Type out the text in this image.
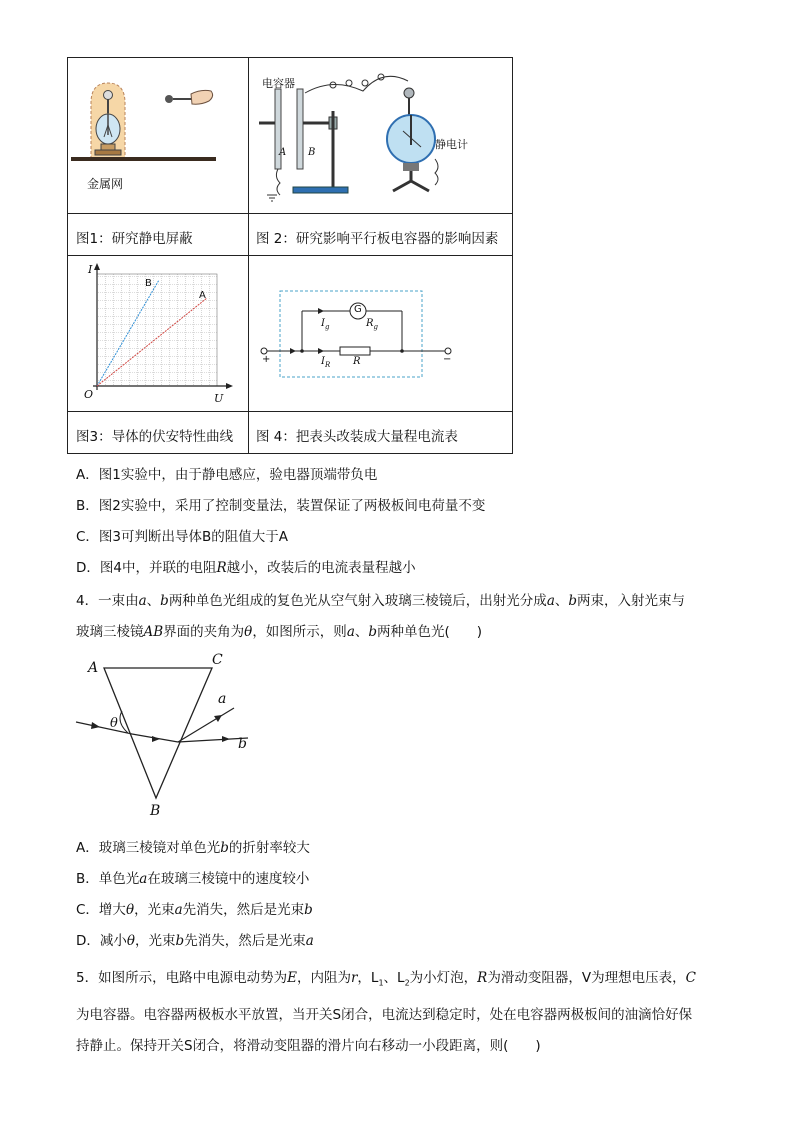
金属网
图1：研究静电屏蔽
电容器
静电计
A B
图 2：研究影响平行板电容器的影响因素
I
U
O
B
A
图3：导体的伏安特性曲线
G
$I_g$	$R_g$
$I_R$ R
+	−
图 4：把表头改装成大量程电流表
A．图1实验中，由于静电感应，验电器顶端带负电
B．图2实验中，采用了控制变量法，装置保证了两极板间电荷量不变
C．图3可判断出导体B的阻值大于A
D．图4中，并联的电阻R越小，改装后的电流表量程越小
4．一束由a、b两种单色光组成的复色光从空气射入玻璃三棱镜后，出射光分成a、b两束，入射光束与
玻璃三棱镜AB界面的夹角为θ，如图所示，则a、b两种单色光(　　)
A	C
B
θ
a
b
A．玻璃三棱镜对单色光b的折射率较大
B．单色光a在玻璃三棱镜中的速度较小
C．增大θ，光束a先消失，然后是光束b
D．减小θ，光束b先消失，然后是光束a
5．如图所示，电路中电源电动势为E，内阻为r，$L_1$、$L_2$为小灯泡，R为滑动变阻器，V为理想电压表，C
为电容器。电容器两极板水平放置，当开关S闭合，电流达到稳定时，处在电容器两极板间的油滴恰好保
持静止。保持开关S闭合，将滑动变阻器的滑片向右移动一小段距离，则(　　)
